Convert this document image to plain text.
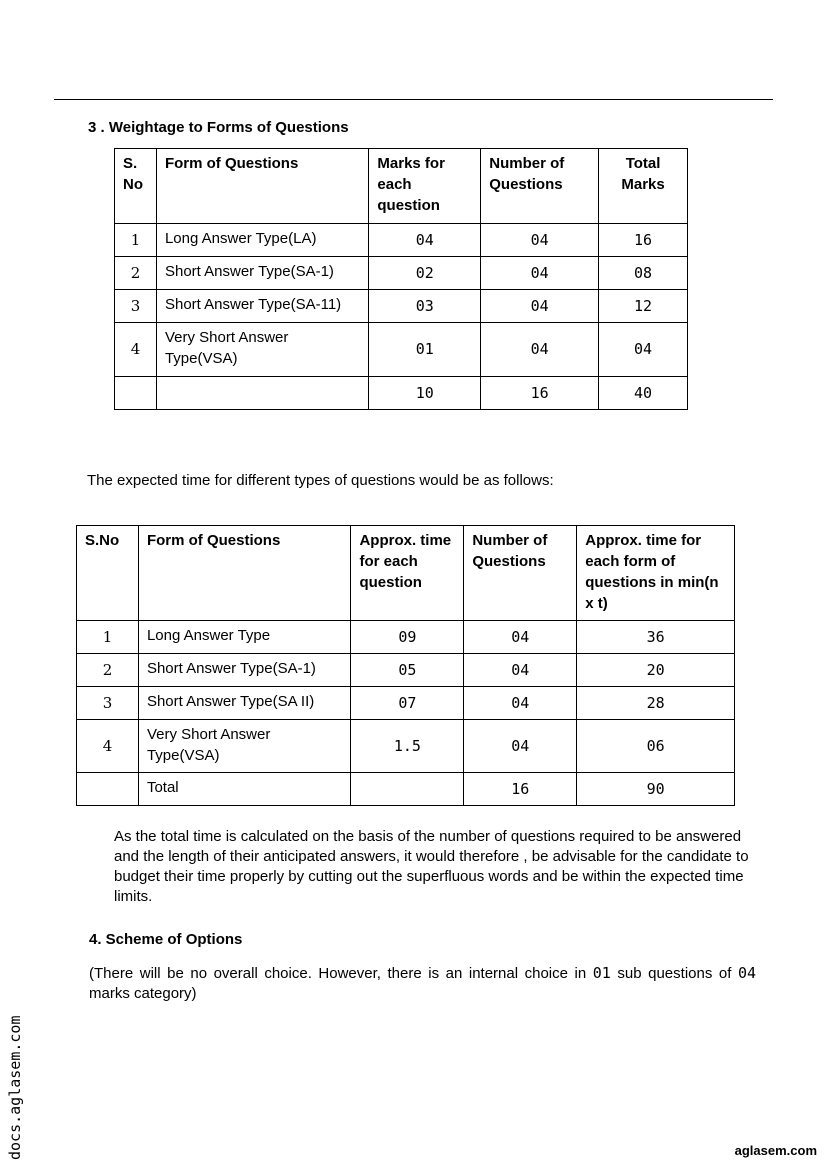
3 . Weightage to Forms of Questions
S. No	Form of Questions	Marks for each question	Number of Questions	Total Marks
1	Long Answer Type(LA)	04	04	16
2	Short Answer Type(SA-1)	02	04	08
3	Short Answer Type(SA-11)	03	04	12
4	Very Short Answer Type(VSA)	01	04	04
		10	16	40
The expected time for different types of questions would be as follows:
S.No	Form of Questions	Approx. time for each question	Number of Questions	Approx. time for each form of questions in min(n x t)
1	Long Answer Type	09	04	36
2	Short Answer Type(SA-1)	05	04	20
3	Short Answer Type(SA II)	07	04	28
4	Very Short Answer Type(VSA)	1.5	04	06
	Total		16	90
As the total time is calculated on the basis of the number of questions required to be answered and the length of their anticipated answers, it would therefore , be advisable for the candidate to budget their time properly by cutting out the superfluous words and be within the expected time limits.
4. Scheme of Options
(There will be no overall choice. However, there is an internal choice in 01 sub questions of 04 marks category)
docs.aglasem.com	aglasem.com
